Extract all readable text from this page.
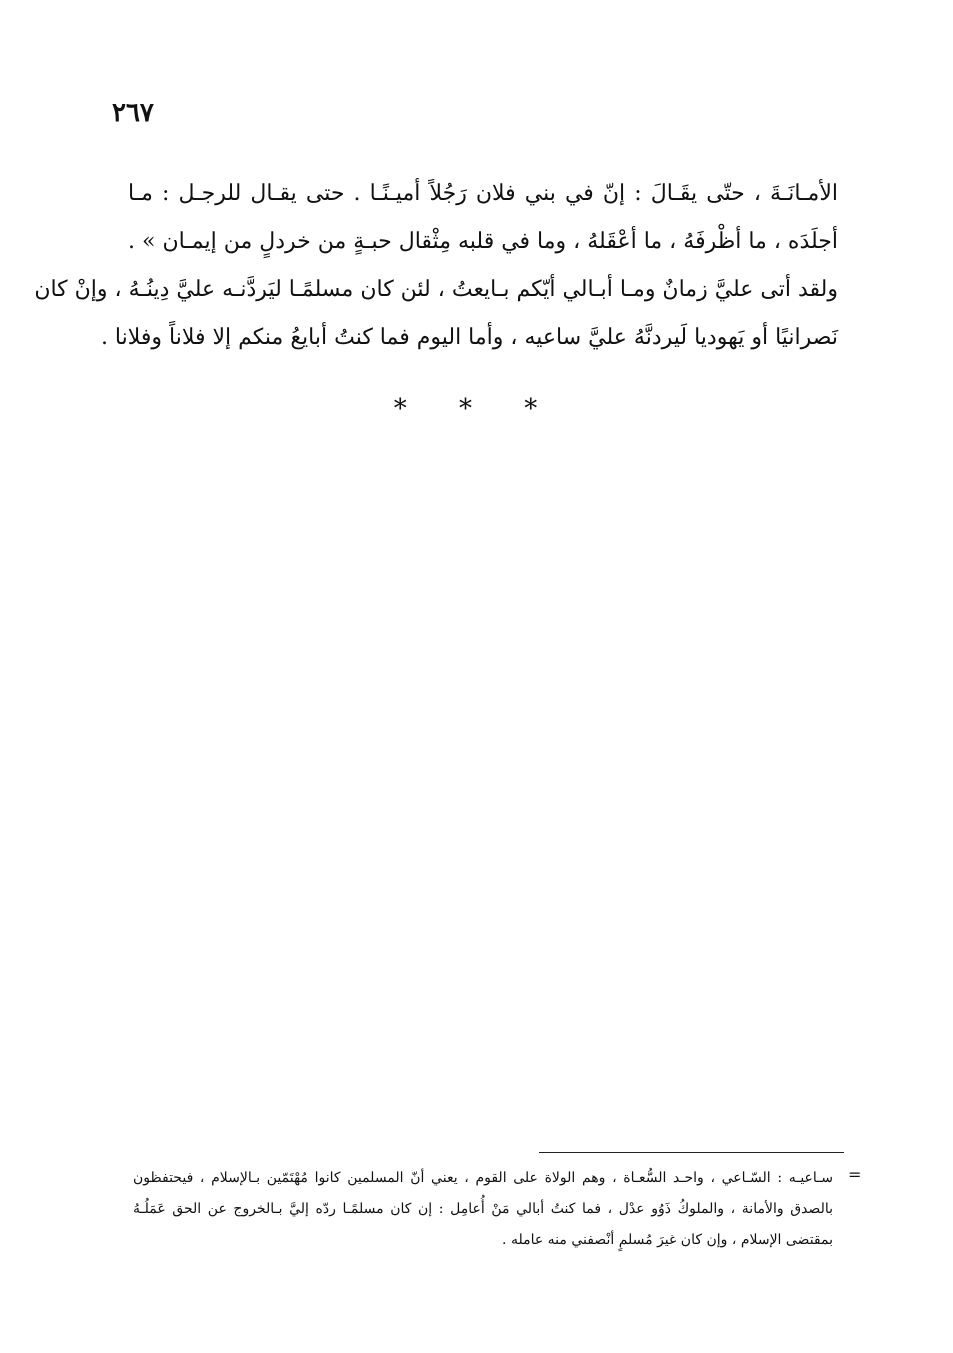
٢٦٧
الأمـانَـةَ ، حتّى يقَـالَ : إنّ في بني فلان رَجُلاً أميـنًـا . حتى يقـال للرجـل : مـا
أجلَدَه ، ما أظْرفَهُ ، ما أعْقَلهُ ، وما في قلبه مِثْقال حبـةٍ من خردلٍ من إيمـان » .
ولقد أتى عليَّ زمانٌ ومـا أبـالي أيّكم بـايعتُ ، لئن كان مسلمًـا ليَردَّنـه عليَّ دِينُـهُ ، وإنْ كان
نَصرانيًا أو يَهوديا لَيردنَّهُ عليَّ ساعيه ، وأما اليوم فما كنتُ أبايعُ منكم إلا فلاناً وفلانا .
* * *
=
سـاعيـه : السّـاعي ، واحـد السُّعـاة ، وهم الولاة على القوم ، يعني أنّ المسلمين كانوا مُهْتَمّين بـالإسلام ، فيحتفظون
بالصدق والأمانة ، والملوكُ ذَوُو عدْل ، فما كنتُ أبالي مَنْ أُعامِل : إن كان مسلمًـا ردّه إليَّ بـالخروج عن الحق عَمَلُـهُ
بمقتضى الإسلام ، وإن كان غيرَ مُسلمٍ أنْصفني منه عامله .
